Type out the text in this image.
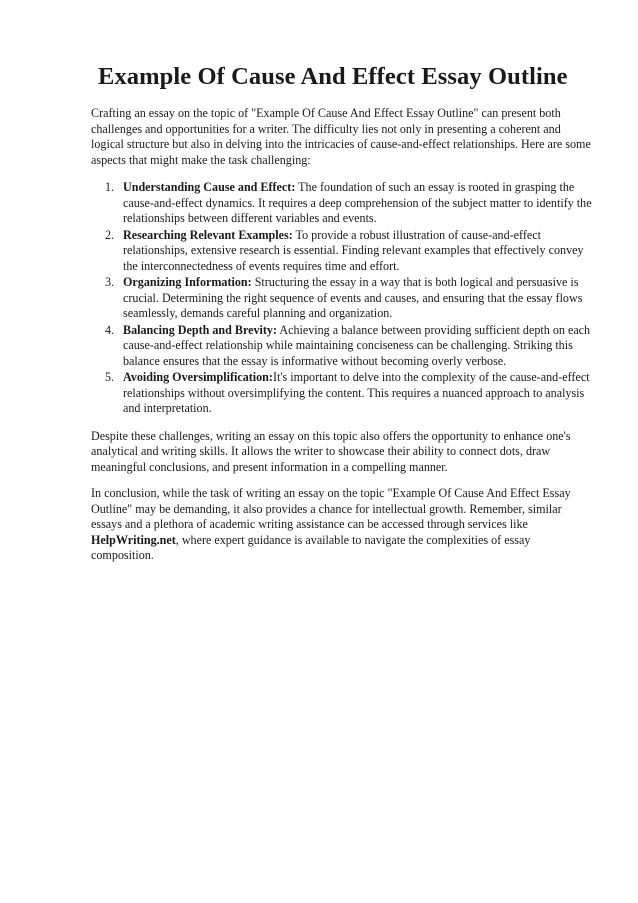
Example Of Cause And Effect Essay Outline

Crafting an essay on the topic of "Example Of Cause And Effect Essay Outline" can present both challenges and opportunities for a writer. The difficulty lies not only in presenting a coherent and logical structure but also in delving into the intricacies of cause-and-effect relationships. Here are some aspects that might make the task challenging:

1. Understanding Cause and Effect: The foundation of such an essay is rooted in grasping the cause-and-effect dynamics. It requires a deep comprehension of the subject matter to identify the relationships between different variables and events.
2. Researching Relevant Examples: To provide a robust illustration of cause-and-effect relationships, extensive research is essential. Finding relevant examples that effectively convey the interconnectedness of events requires time and effort.
3. Organizing Information: Structuring the essay in a way that is both logical and persuasive is crucial. Determining the right sequence of events and causes, and ensuring that the essay flows seamlessly, demands careful planning and organization.
4. Balancing Depth and Brevity: Achieving a balance between providing sufficient depth on each cause-and-effect relationship while maintaining conciseness can be challenging. Striking this balance ensures that the essay is informative without becoming overly verbose.
5. Avoiding Oversimplification:It's important to delve into the complexity of the cause-and-effect relationships without oversimplifying the content. This requires a nuanced approach to analysis and interpretation.

Despite these challenges, writing an essay on this topic also offers the opportunity to enhance one's analytical and writing skills. It allows the writer to showcase their ability to connect dots, draw meaningful conclusions, and present information in a compelling manner.

In conclusion, while the task of writing an essay on the topic "Example Of Cause And Effect Essay Outline" may be demanding, it also provides a chance for intellectual growth. Remember, similar essays and a plethora of academic writing assistance can be accessed through services like HelpWriting.net, where expert guidance is available to navigate the complexities of essay composition.
